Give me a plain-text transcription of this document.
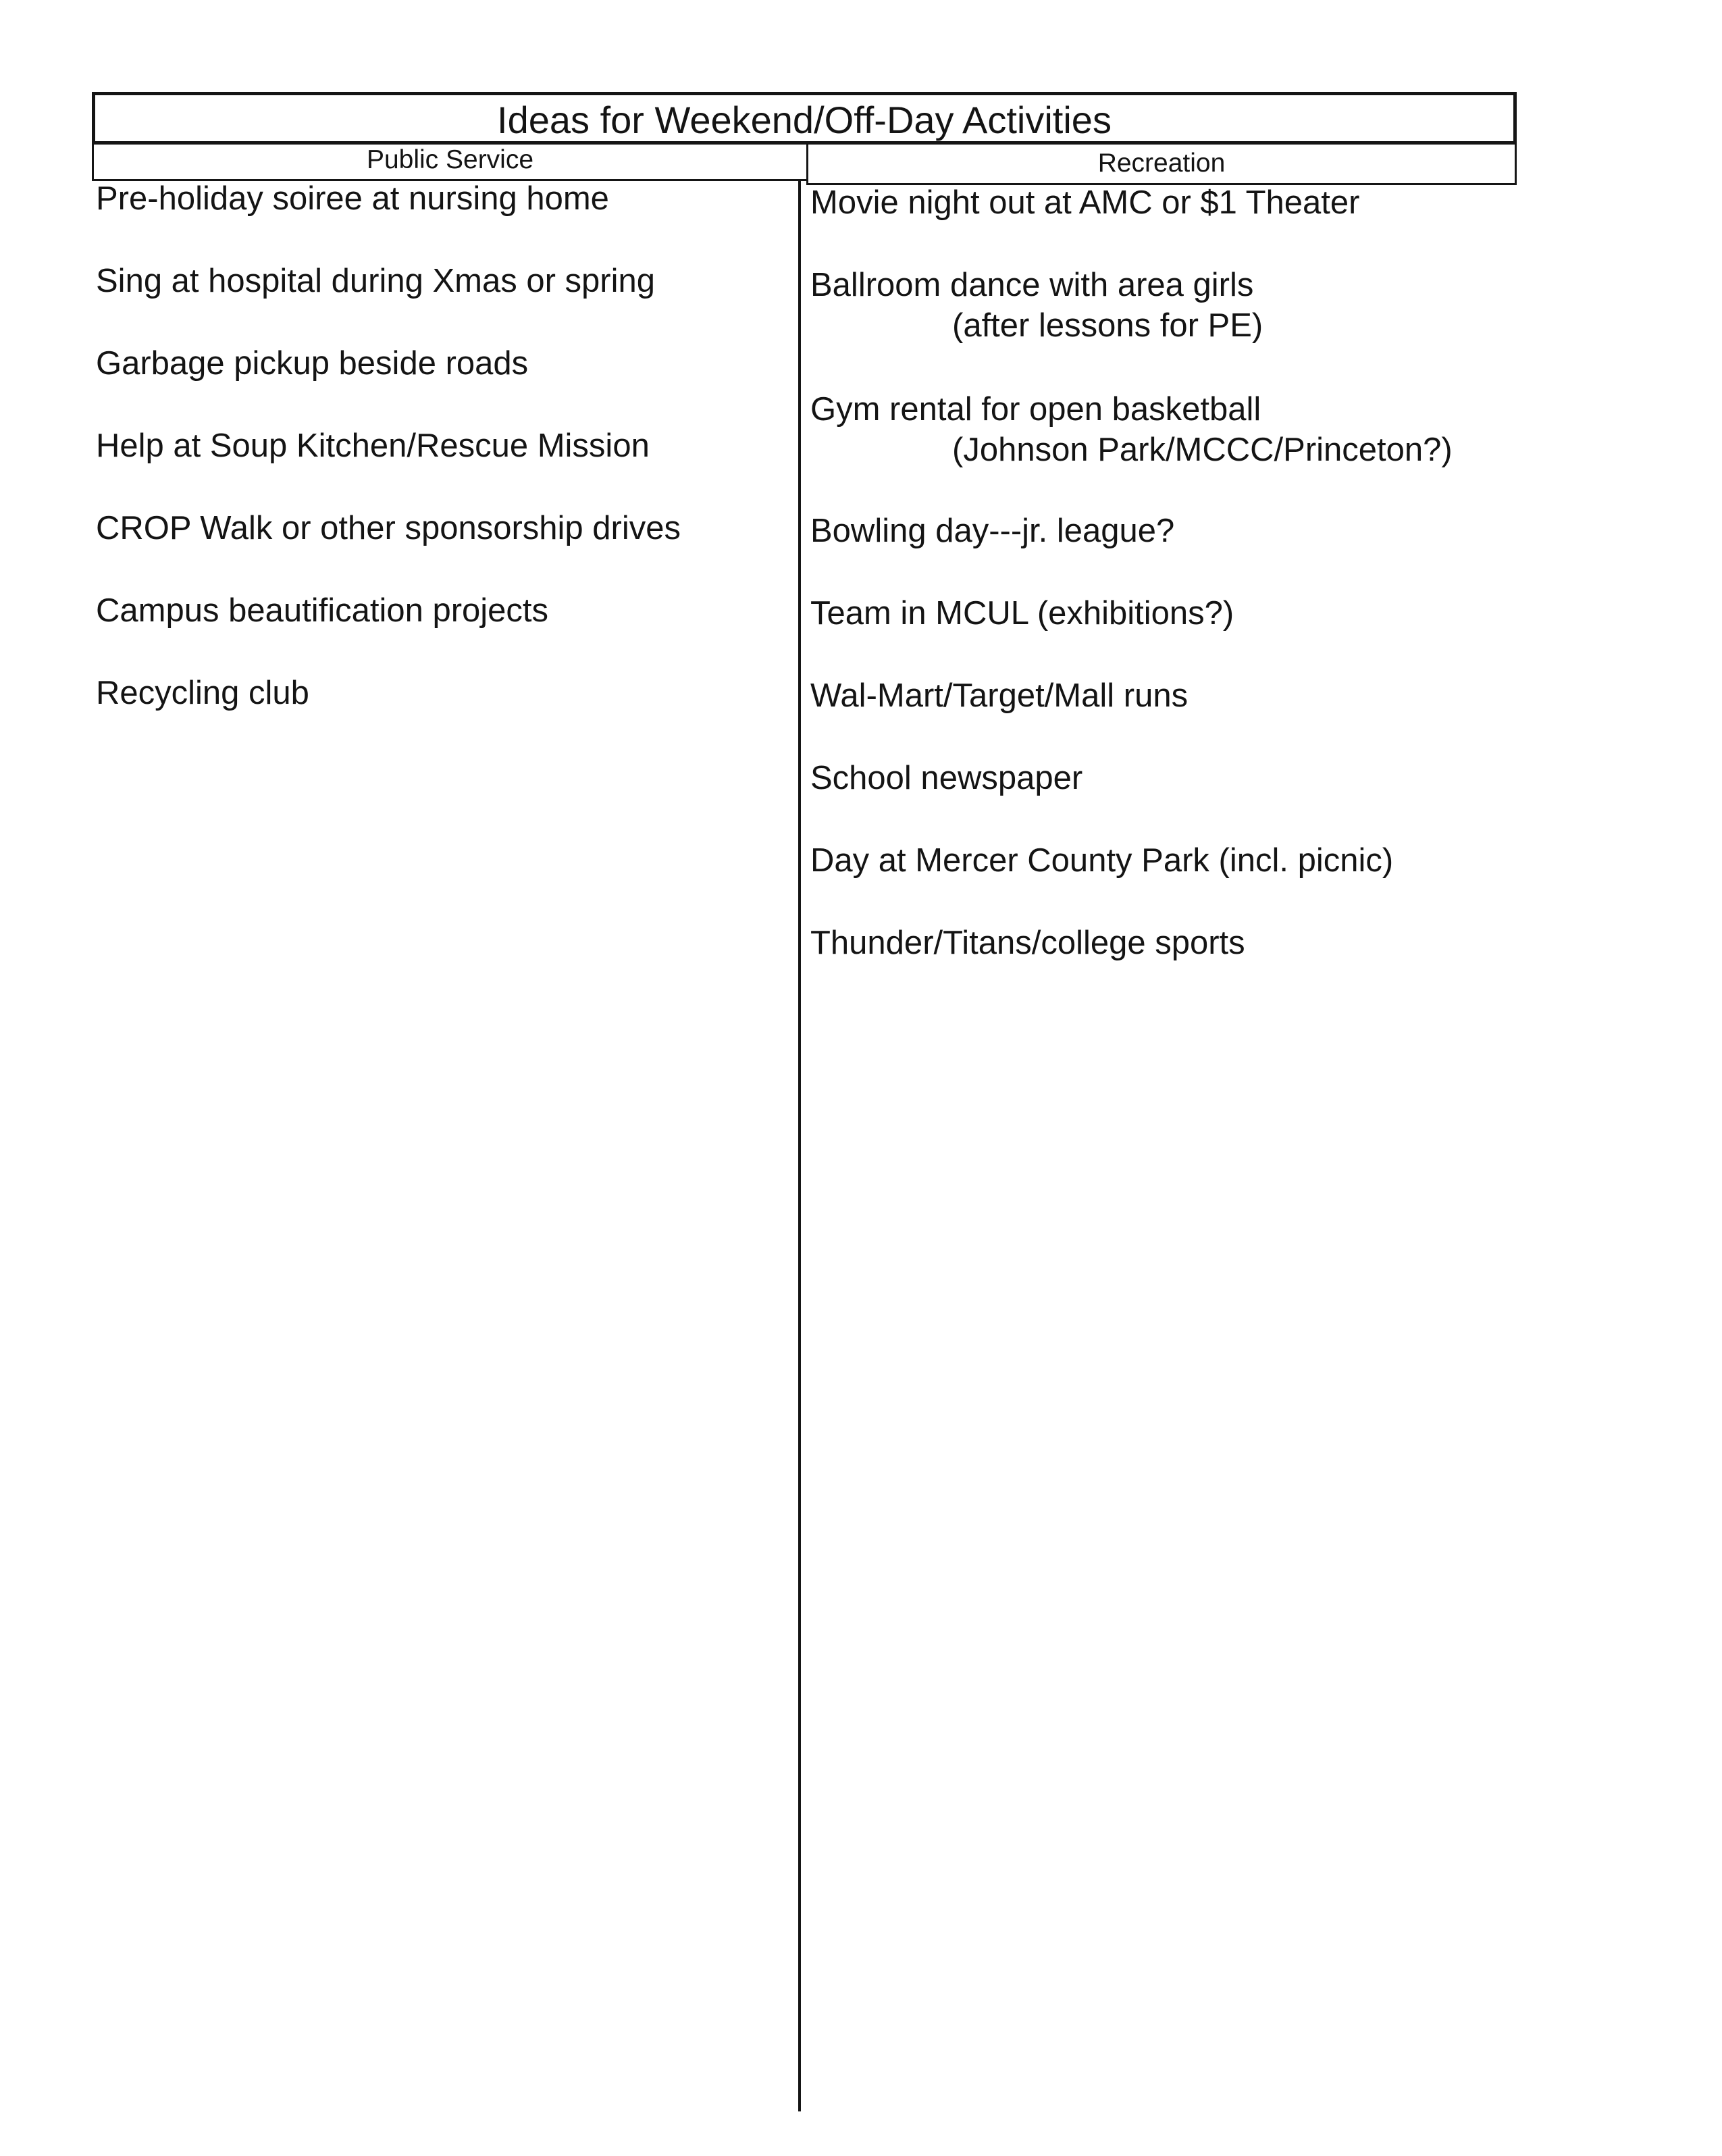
Ideas for Weekend/Off-Day Activities
Public Service	Recreation
Pre-holiday soiree at nursing home
Sing at hospital during Xmas or spring
Garbage pickup beside roads
Help at Soup Kitchen/Rescue Mission
CROP Walk or other sponsorship drives
Campus beautification projects
Recycling club
Movie night out at AMC or $1 Theater
Ballroom dance with area girls
(after lessons for PE)
Gym rental for open basketball
(Johnson Park/MCCC/Princeton?)
Bowling day---jr. league?
Team in MCUL (exhibitions?)
Wal-Mart/Target/Mall runs
School newspaper
Day at Mercer County Park (incl. picnic)
Thunder/Titans/college sports
